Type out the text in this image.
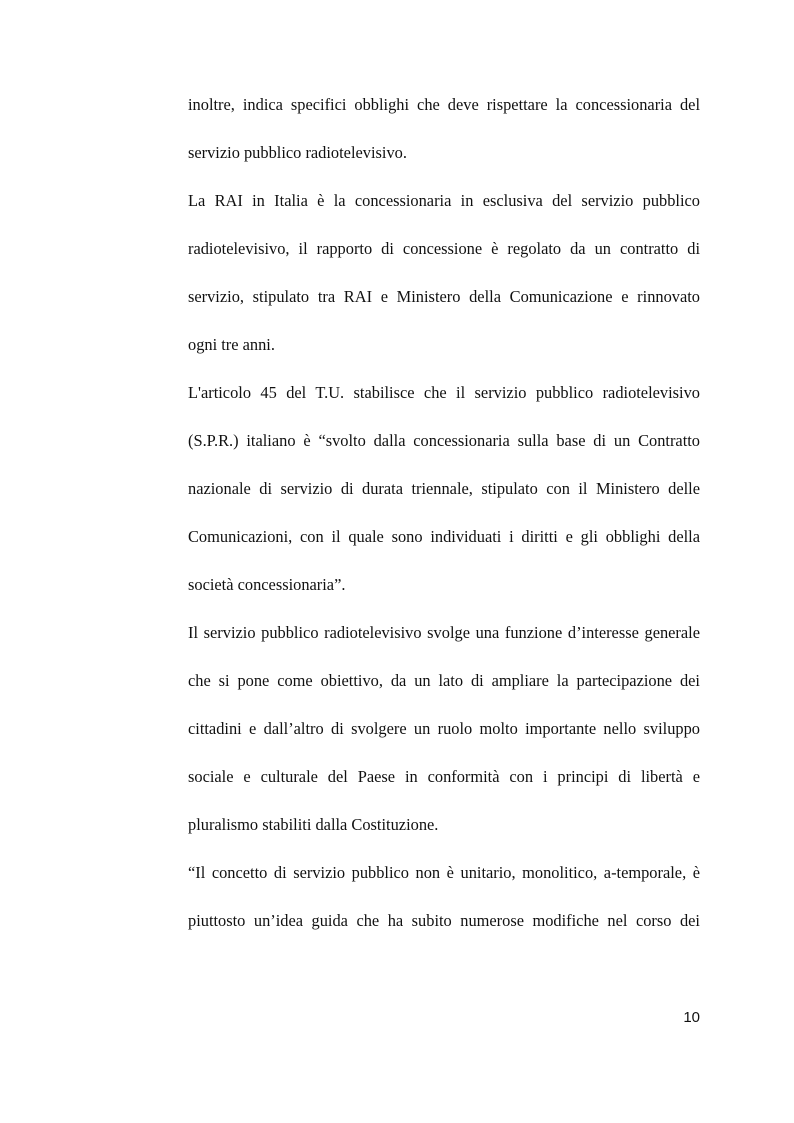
inoltre, indica specifici obblighi che deve rispettare la concessionaria del
servizio pubblico radiotelevisivo.
La RAI in Italia è la concessionaria in esclusiva del servizio pubblico
radiotelevisivo, il rapporto di concessione è regolato da un contratto di
servizio, stipulato tra RAI e Ministero della Comunicazione e rinnovato
ogni tre anni.
L'articolo 45 del T.U. stabilisce che il servizio pubblico radiotelevisivo
(S.P.R.) italiano è “svolto dalla concessionaria sulla base di un Contratto
nazionale di servizio di durata triennale, stipulato con il Ministero delle
Comunicazioni, con il quale sono individuati i diritti e gli obblighi della
società concessionaria”.
Il servizio pubblico radiotelevisivo svolge una funzione d’interesse generale
che si pone come obiettivo, da un lato di ampliare la partecipazione dei
cittadini e dall’altro di svolgere un ruolo molto importante nello sviluppo
sociale e culturale del Paese in conformità con i principi di libertà e
pluralismo stabiliti dalla Costituzione.
“Il concetto di servizio pubblico non è unitario, monolitico, a-temporale, è
piuttosto un’idea guida che ha subito numerose modifiche nel corso dei
10
